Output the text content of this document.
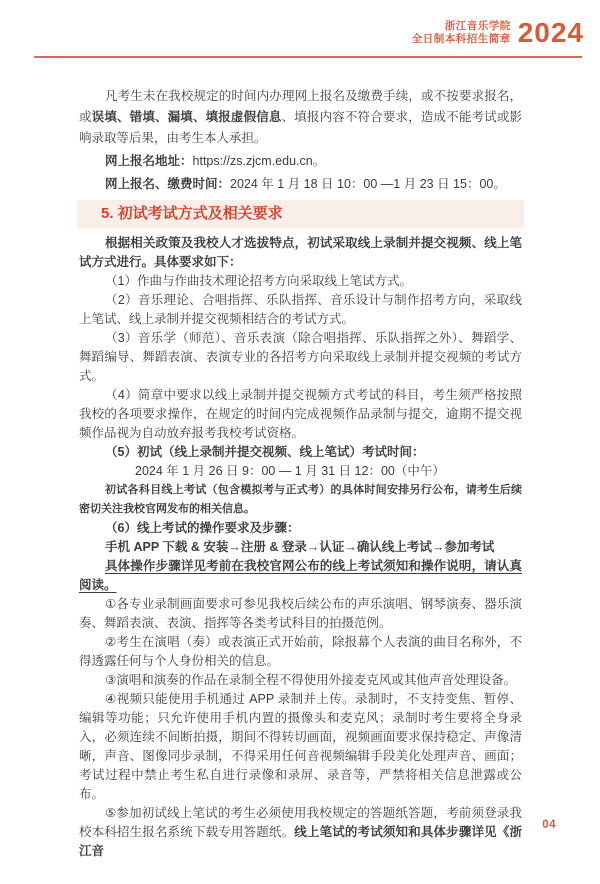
浙江音乐学院
全日制本科招生简章 2024

凡考生未在我校规定的时间内办理网上报名及缴费手续，或不按要求报名，或误填、错填、漏填、填报虚假信息、填报内容不符合要求，造成不能考试或影响录取等后果，由考生本人承担。

网上报名地址：https://zs.zjcm.edu.cn。

网上报名、缴费时间：2024 年 1 月 18 日 10：00 —1 月 23 日 15：00。

5. 初试考试方式及相关要求

根据相关政策及我校人才选拔特点，初试采取线上录制并提交视频、线上笔试方式进行。具体要求如下：

（1）作曲与作曲技术理论招考方向采取线上笔试方式。

（2）音乐理论、合唱指挥、乐队指挥、音乐设计与制作招考方向，采取线上笔试、线上录制并提交视频相结合的考试方式。

（3）音乐学（师范）、音乐表演（除合唱指挥、乐队指挥之外）、舞蹈学、舞蹈编导、舞蹈表演、表演专业的各招考方向采取线上录制并提交视频的考试方式。

（4）简章中要求以线上录制并提交视频方式考试的科目，考生须严格按照我校的各项要求操作，在规定的时间内完成视频作品录制与提交，逾期不提交视频作品视为自动放弃报考我校考试资格。

（5）初试（线上录制并提交视频、线上笔试）考试时间：

2024 年 1 月 26 日 9：00 — 1 月 31 日 12：00（中午）

初试各科目线上考试（包含模拟考与正式考）的具体时间安排另行公布，请考生后续密切关注我校官网发布的相关信息。

（6）线上考试的操作要求及步骤：

手机 APP 下载 & 安装→注册 & 登录→认证→确认线上考试→参加考试

具体操作步骤详见考前在我校官网公布的线上考试须知和操作说明，请认真阅读。

①各专业录制画面要求可参见我校后续公布的声乐演唱、钢琴演奏、器乐演奏、舞蹈表演、表演、指挥等各类考试科目的拍摄范例。

②考生在演唱（奏）或表演正式开始前，除报幕个人表演的曲目名称外，不得透露任何与个人身份相关的信息。

③演唱和演奏的作品在录制全程不得使用外接麦克风或其他声音处理设备。

④视频只能使用手机通过 APP 录制并上传。录制时，不支持变焦、暂停、编辑等功能；只允许使用手机内置的摄像头和麦克风；录制时考生要将全身录入，必须连续不间断拍摄，期间不得转切画面，视频画面要求保持稳定、声像清晰，声音、图像同步录制，不得采用任何音视频编辑手段美化处理声音、画面；考试过程中禁止考生私自进行录像和录屏、录音等，严禁将相关信息泄露或公布。

⑤参加初试线上笔试的考生必须使用我校规定的答题纸答题，考前须登录我校本科招生报名系统下载专用答题纸。线上笔试的考试须知和具体步骤详见《浙江音

04
